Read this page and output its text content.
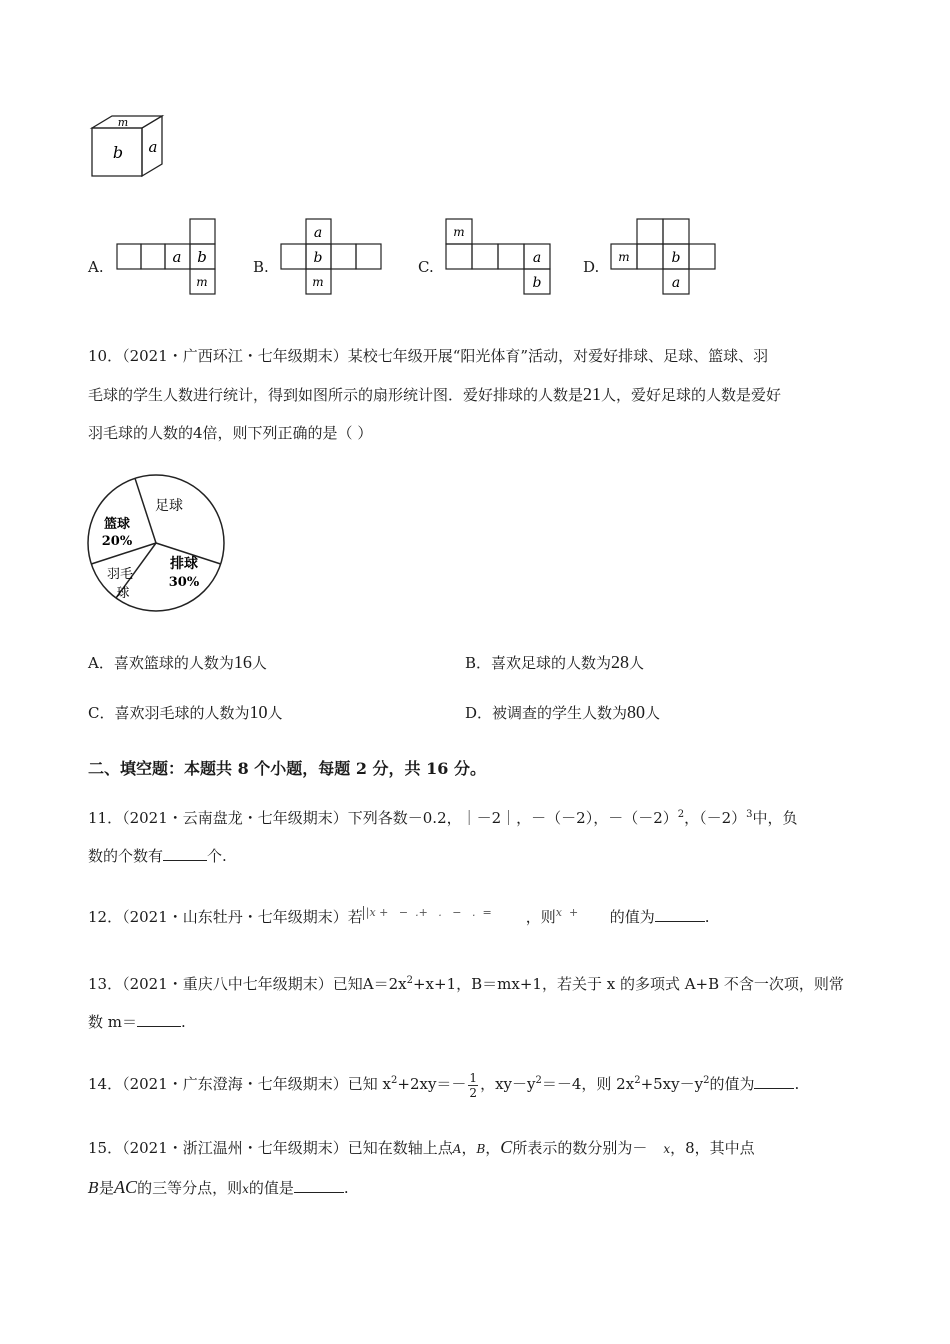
m
b a
A.
a b
m
B.
a
b
m
C.
m
a
b
D.
m	b
a
10．（2021・广西环江・七年级期末）某校七年级开展“阳光体育”活动，对爱好排球、足球、篮球、羽
毛球的学生人数进行统计，得到如图所示的扇形统计图．爱好排球的人数是21人，爱好足球的人数是爱好
羽毛球的人数的4倍，则下列正确的是（ ）
足球
排球
30%
羽毛
球
篮球
20%
A．喜欢篮球的人数为16人	B．喜欢足球的人数为28人
C．喜欢羽毛球的人数为10人	D．被调查的学生人数为80人
二、填空题：本题共 8 个小题，每题 2 分，共 16 分。
11．（2021・云南盘龙・七年级期末）下列各数－0.2，｜－2｜，－（－2），$-(-2)^2$，$(-2)^3$中，负
数的个数有	个.
12．（2021・山东牡丹・七年级期末）若 |x +   −  .+   .   −   .  = ，则x  + 的值为	.
13．（2021・重庆八中七年级期末）已知$A=2x^2+x+1$，B＝mx+1，若关于 x 的多项式 A+B 不含一次项，则常
数 m＝	.
14．（2021・广东澄海・七年级期末）已知 $x^2+2xy=- \frac{1}{2}$ ，$xy-y^2=-4$，则 $2x^2+5xy-y^2$的值为	.
15．（2021・浙江温州・七年级期末）已知在数轴上点A，B，C所表示的数分别为－ x，8，其中点
B是AC的三等分点，则x的值是	.
